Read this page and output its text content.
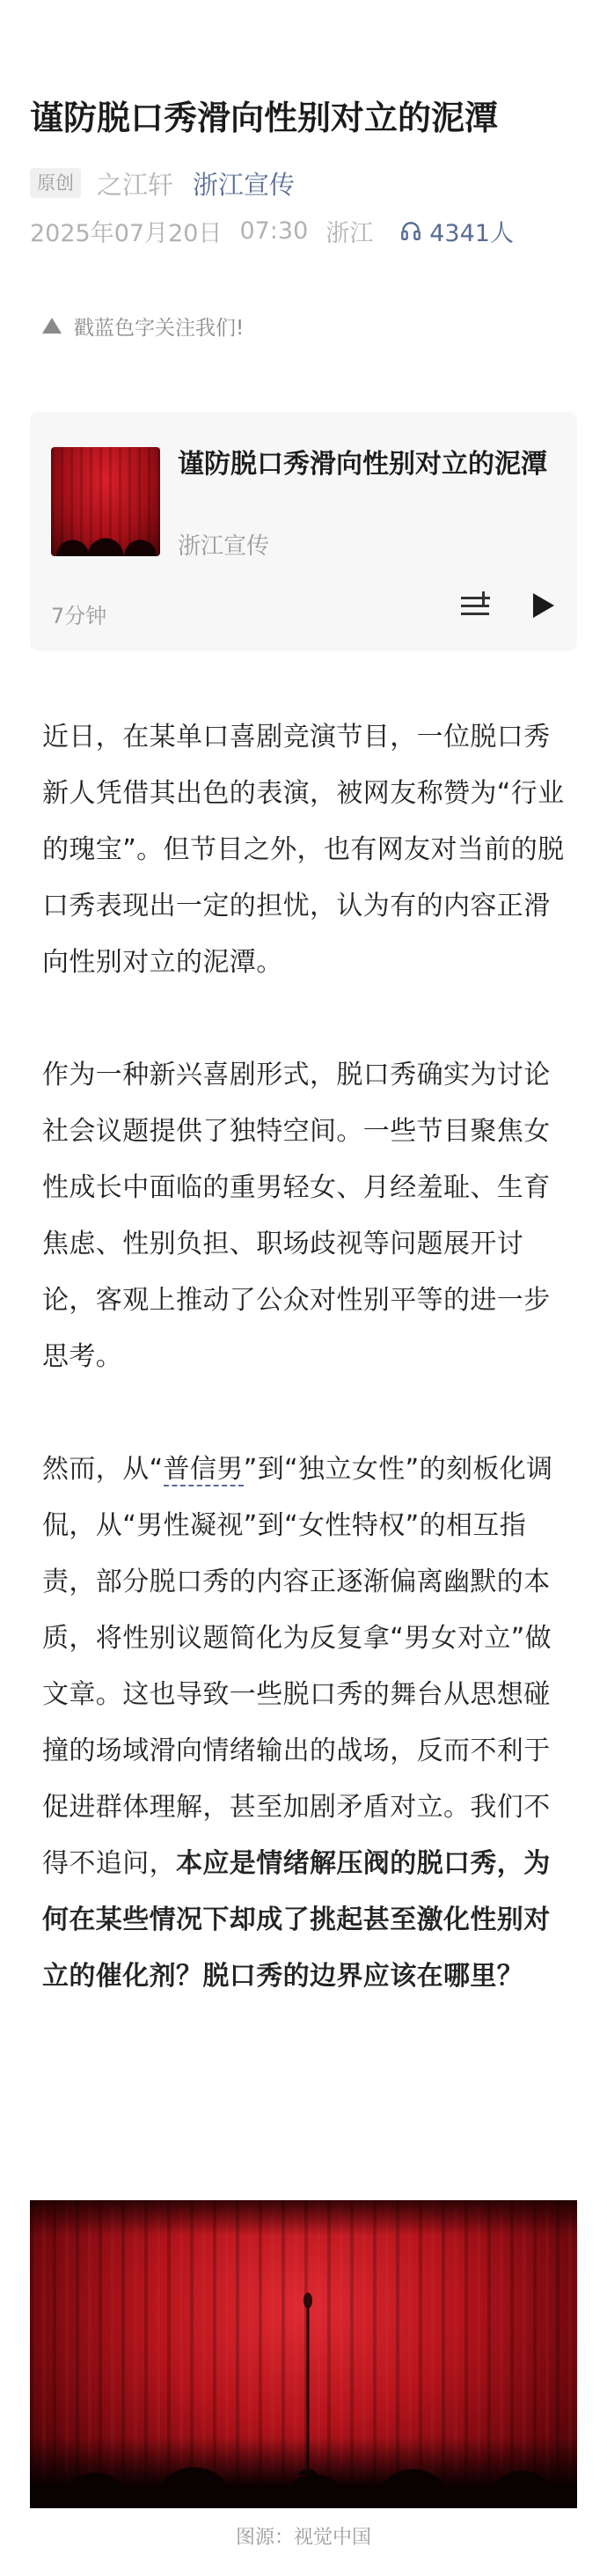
谨防脱口秀滑向性别对立的泥潭
原创 之江轩 浙江宣传
2025年07月20日 07:30 浙江 4341人
戳蓝色字关注我们!
谨防脱口秀滑向性别对立的泥潭
浙江宣传
7分钟

近日，在某单口喜剧竞演节目，一位脱口秀新人凭借其出色的表演，被网友称赞为“行业的瑰宝”。但节目之外，也有网友对当前的脱口秀表现出一定的担忧，认为有的内容正滑向性别对立的泥潭。

作为一种新兴喜剧形式，脱口秀确实为讨论社会议题提供了独特空间。一些节目聚焦女性成长中面临的重男轻女、月经羞耻、生育焦虑、性别负担、职场歧视等问题展开讨论，客观上推动了公众对性别平等的进一步思考。

然而，从“普信男”到“独立女性”的刻板化调侃，从“男性凝视”到“女性特权”的相互指责，部分脱口秀的内容正逐渐偏离幽默的本质，将性别议题简化为反复拿“男女对立”做文章。这也导致一些脱口秀的舞台从思想碰撞的场域滑向情绪输出的战场，反而不利于促进群体理解，甚至加剧矛盾对立。我们不得不追问，本应是情绪解压阀的脱口秀，为何在某些情况下却成了挑起甚至激化性别对立的催化剂？脱口秀的边界应该在哪里？

图源：视觉中国
